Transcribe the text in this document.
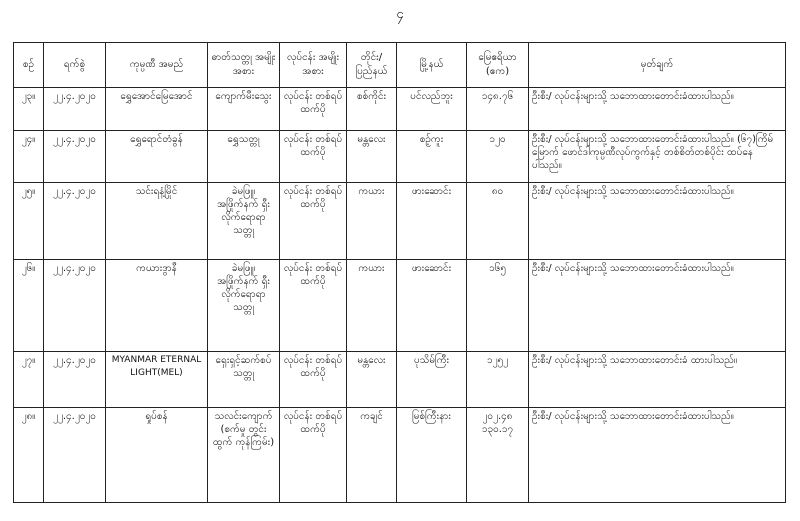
၄
စဉ်	ရက်စွဲ	ကုမ္ပဏီ အမည်	ဓာတ်သတ္တု အမျိုးအစား	လုပ်ငန်း အမျိုးအစား	တိုင်း/ ပြည်နယ်	မြို့နယ်	မြေဧရိယာ (ဧက)	မှတ်ချက်
၂၃။	၂၂.၄.၂၀၂၀	ရွှေအောင်မြေအောင်	ကျောက်မီးသွေး	လုပ်ငန်း တစ်ရပ်ထက်ပို	စစ်ကိုင်း	ပင်လည်ဘူး	၁၄၈.၇၆	ဦးစီး/ လုပ်ငန်းများသို့ သဘောထားတောင်းခံထားပါသည်။
၂၄။	၂၂.၄.၂၀၂၀	ရွှေရောင်တံခွန်	ရွှေသတ္တု	လုပ်ငန်း တစ်ရပ်ထက်ပို	မန္တလေး	စဉ့်ကူး	၁၂၀	ဦးစီး/ လုပ်ငန်းများသို့ သဘောထားတောင်းခံထားပါသည်။ (၆၇)ကြိမ်မြောက် ဖောင်ဒါကုမ္ပဏီလုပ်ကွက်နှင့် တစ်စိတ်တစ်ပိုင်း ထပ်နေပါသည်။
၂၅။	၂၂.၄.၂၀၂၀	သင်းရနံ့မြိုင်	ခဲမဖြူ၊ အဖြိုက်နက် ရှီးလိုက်ရောရာ သတ္တု	လုပ်ငန်း တစ်ရပ်ထက်ပို	ကယား	ဖားဆောင်း	၈၀	ဦးစီး/ လုပ်ငန်းများသို့ သဘောထားတောင်းခံထားပါသည်။
၂၆။	၂၂.၄.၂၀၂၀	ကယားဒွာနီ	ခဲမဖြူ၊ အဖြိုက်နက် ရှီးလိုက်ရောရာ သတ္တု	လုပ်ငန်း တစ်ရပ်ထက်ပို	ကယား	ဖားဆောင်း	၁၆၅	ဦးစီး/ လုပ်ငန်းများသို့ သဘောထားတောင်းခံထားပါသည်။
၂၇။	၂၂.၄.၂၀၂၀	MYANMAR ETERNAL LIGHT(MEL)	ရှေးရှင့်ဆက်စပ် သတ္တု	လုပ်ငန်း တစ်ရပ်ထက်ပို	မန္တလေး	ပုသိမ်ကြီး	၁၂၅၂	ဦးစီး/ လုပ်ငန်းများသို့ သဘောထားတောင်းခံ ထားပါသည်။
၂၈။	၂၂.၄.၂၀၂၀	ရှုပ်စန်	သလင်းကျောက် (စက်မှု တွင်းထွက် ကုန်ကြမ်း)	လုပ်ငန်း တစ်ရပ်ထက်ပို	ကချင်	မြစ်ကြီးနား	၂၀၂.၄၈ ၁၃၀.၁၇	ဦးစီး/ လုပ်ငန်းများသို့ သဘောထားတောင်းခံထားပါသည်။
